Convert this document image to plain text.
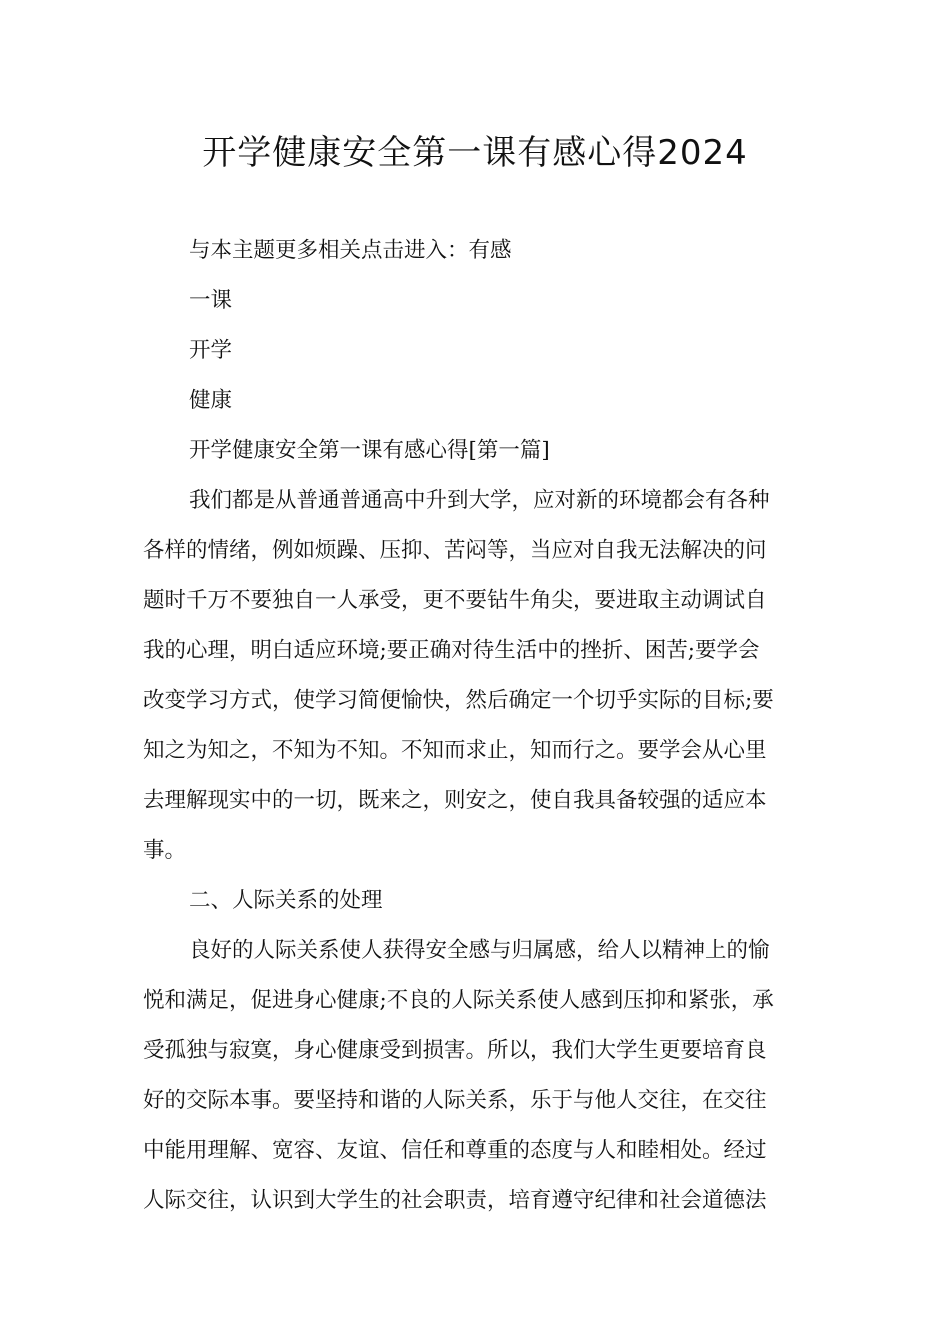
开学健康安全第一课有感心得2024
与本主题更多相关点击进入：有感
一课
开学
健康
开学健康安全第一课有感心得[第一篇]
我们都是从普通普通高中升到大学，应对新的环境都会有各种
各样的情绪，例如烦躁、压抑、苦闷等，当应对自我无法解决的问
题时千万不要独自一人承受，更不要钻牛角尖，要进取主动调试自
我的心理，明白适应环境;要正确对待生活中的挫折、困苦;要学会
改变学习方式，使学习简便愉快，然后确定一个切乎实际的目标;要
知之为知之，不知为不知。不知而求止，知而行之。要学会从心里
去理解现实中的一切，既来之，则安之，使自我具备较强的适应本
事。
二、人际关系的处理
良好的人际关系使人获得安全感与归属感，给人以精神上的愉
悦和满足，促进身心健康;不良的人际关系使人感到压抑和紧张，承
受孤独与寂寞，身心健康受到损害。所以，我们大学生更要培育良
好的交际本事。要坚持和谐的人际关系，乐于与他人交往，在交往
中能用理解、宽容、友谊、信任和尊重的态度与人和睦相处。经过
人际交往，认识到大学生的社会职责，培育遵守纪律和社会道德法
